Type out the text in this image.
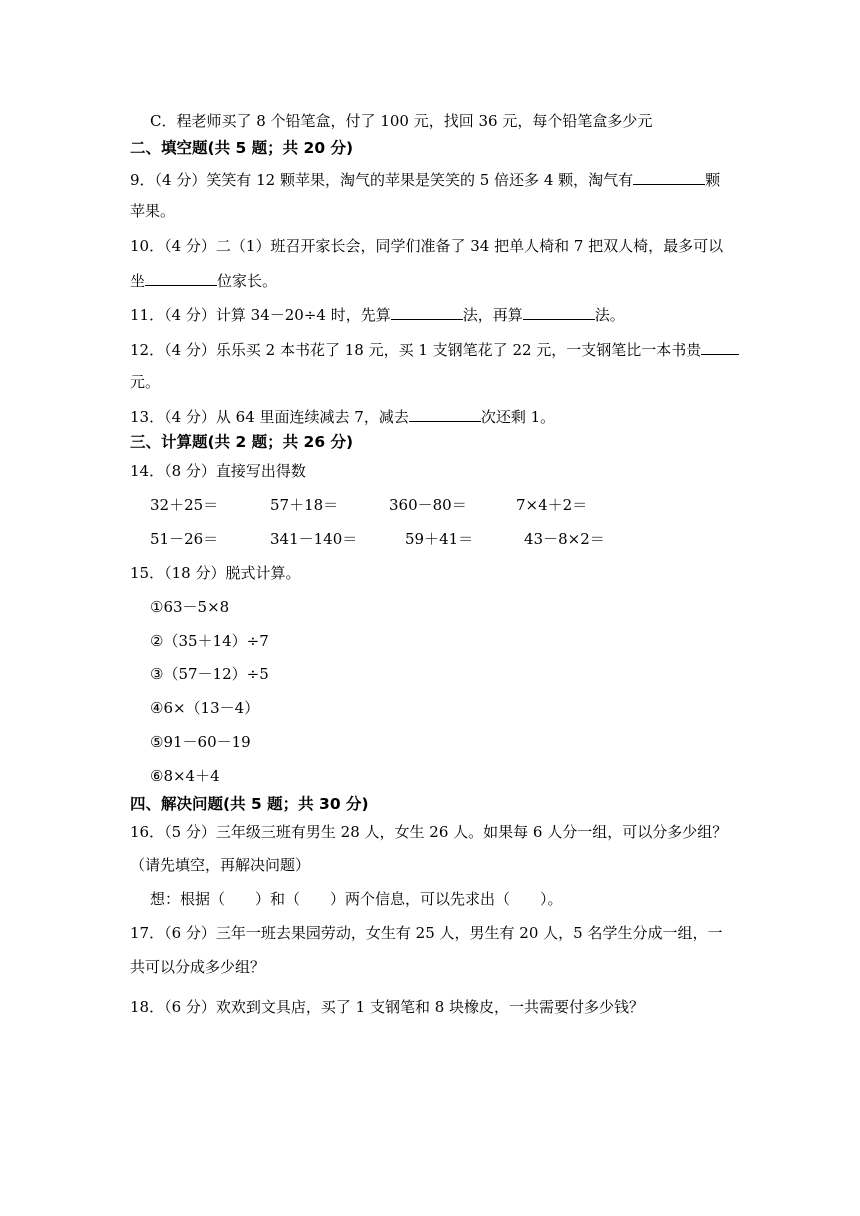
C．程老师买了 8 个铅笔盒，付了 100 元，找回 36 元，每个铅笔盒多少元
二、填空题(共 5 题；共 20 分)
9．（4 分）笑笑有 12 颗苹果，淘气的苹果是笑笑的 5 倍还多 4 颗，淘气有	颗
苹果。
10．（4 分）二（1）班召开家长会，同学们准备了 34 把单人椅和 7 把双人椅，最多可以
坐	位家长。
11．（4 分）计算 34－20÷4 时，先算	法，再算	法。
12．（4 分）乐乐买 2 本书花了 18 元，买 1 支钢笔花了 22 元，一支钢笔比一本书贵
元。
13．（4 分）从 64 里面连续减去 7，减去	次还剩 1。
三、计算题(共 2 题；共 26 分)
14．（8 分）直接写出得数
32＋25＝	57＋18＝	360－80＝	7×4＋2＝
51－26＝	341－140＝	59＋41＝	43－8×2＝
15．（18 分）脱式计算。
①63－5×8
②（35＋14）÷7
③（57－12）÷5
④6×（13－4）
⑤91－60－19
⑥8×4＋4
四、解决问题(共 5 题；共 30 分)
16．（5 分）三年级三班有男生 28 人，女生 26 人。如果每 6 人分一组，可以分多少组？
（请先填空，再解决问题）
想：根据（　　）和（　　）两个信息，可以先求出（　　）。
17．（6 分）三年一班去果园劳动，女生有 25 人，男生有 20 人，5 名学生分成一组，一
共可以分成多少组？
18．（6 分）欢欢到文具店，买了 1 支钢笔和 8 块橡皮，一共需要付多少钱？
